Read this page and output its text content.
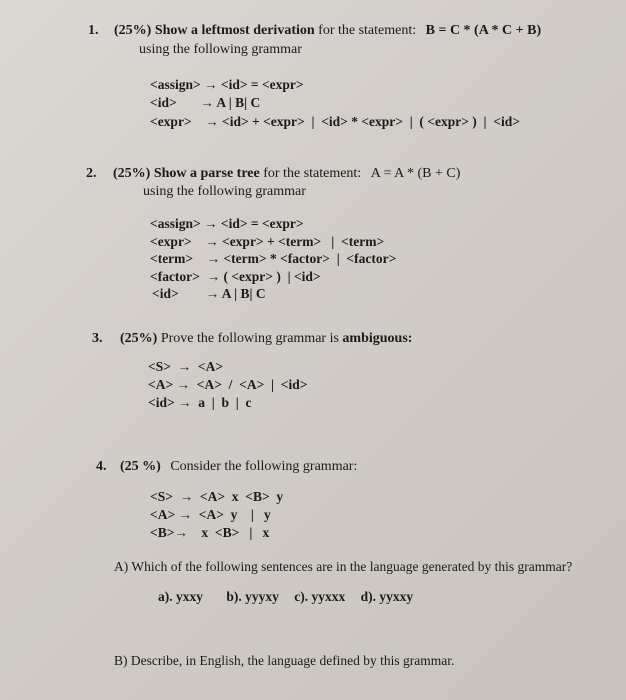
1. (25%) Show a leftmost derivation for the statement: B = C * (A * C + B)
using the following grammar
<assign> → <id> = <expr>
<id>       → A | B| C
<expr>    → <id> + <expr>  |  <id> * <expr>  |  ( <expr> )  |  <id>
2. (25%) Show a parse tree for the statement: A = A * (B + C)
using the following grammar
<assign> → <id> = <expr>
<expr>    → <expr> + <term>   |  <term>
<term>    → <term> * <factor>  |  <factor>
<factor>  → ( <expr> )  | <id>
<id>        → A | B| C
3. (25%) Prove the following grammar is ambiguous:
<S>  →  <A>
<A> →  <A>  /  <A>  |  <id>
<id> →  a  |  b  |  c
4. (25 %) Consider the following grammar:
<S>  →  <A>  x  <B>  y
<A> →  <A>  y    |   y
<B>→    x  <B>   |   x
A) Which of the following sentences are in the language generated by this grammar?
a). yxxy b). yyyxy c). yyxxx d). yyxxy
B) Describe, in English, the language defined by this grammar.
